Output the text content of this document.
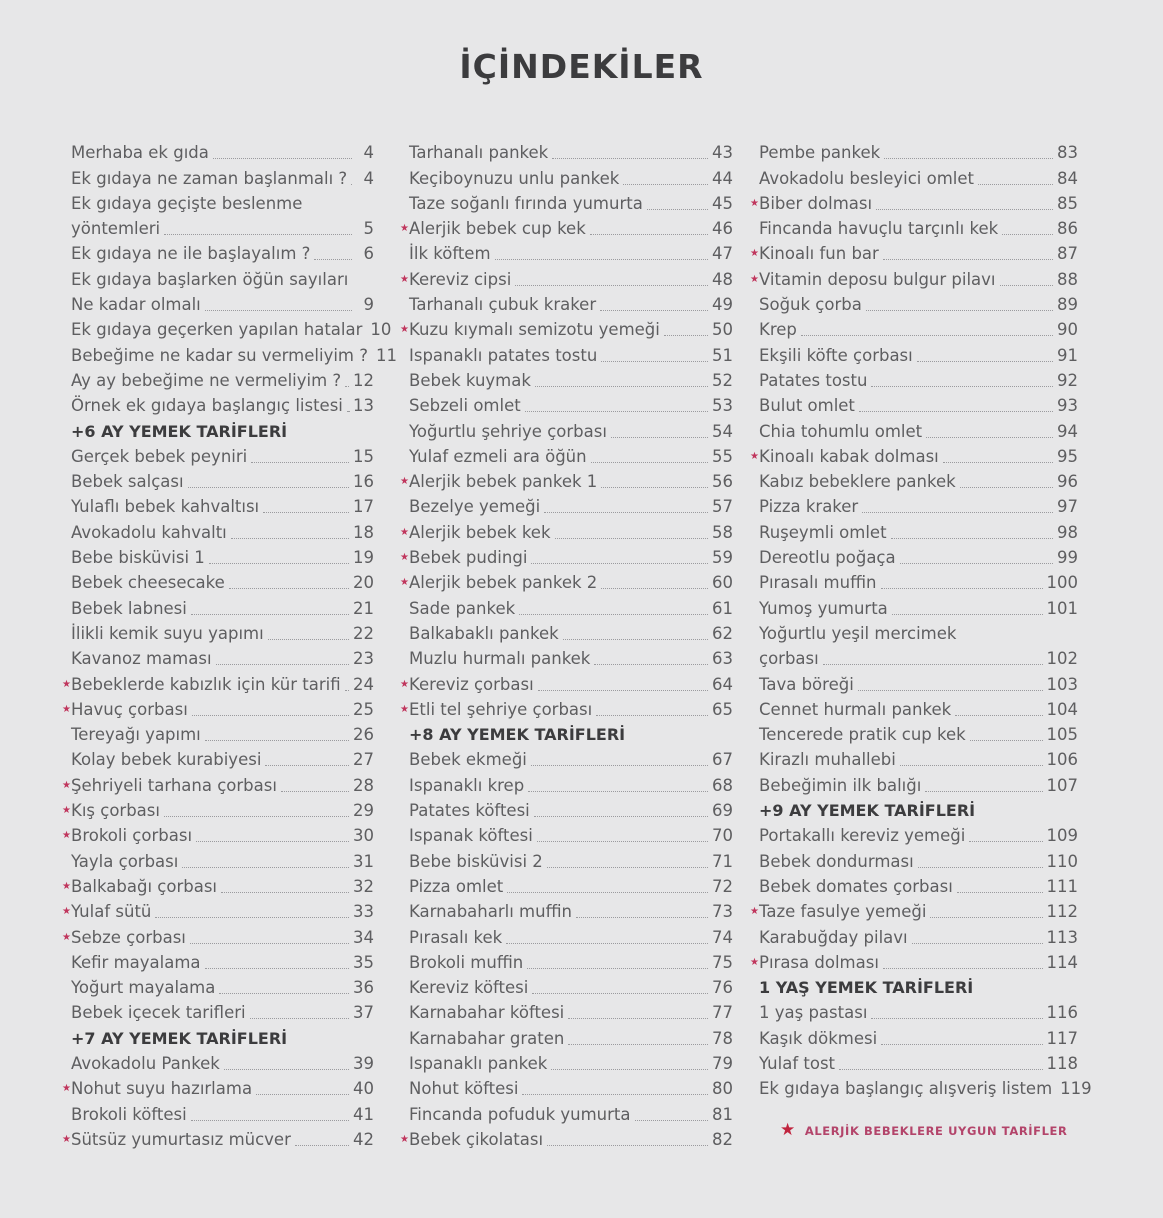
İÇİNDEKİLER
Merhaba ek gıda	4
Ek gıdaya ne zaman başlanmalı ? 4
Ek gıdaya geçişte beslenme
yöntemleri	5
Ek gıdaya ne ile başlayalım ?	6
Ek gıdaya başlarken öğün sayıları
Ne kadar olmalı	9
Ek gıdaya geçerken yapılan hatalar 10
Bebeğime ne kadar su vermeliyim ? 11
Ay ay bebeğime ne vermeliyim ? 12
Örnek ek gıdaya başlangıç listesi 13
+6 AY YEMEK TARİFLERİ
Gerçek bebek peyniri	15
Bebek salçası	16
Yulaflı bebek kahvaltısı	17
Avokadolu kahvaltı	18
Bebe bisküvisi 1	19
Bebek cheesecake	20
Bebek labnesi	21
İlikli kemik suyu yapımı	22
Kavanoz maması	23
★ Bebeklerde kabızlık için kür tarifi 24
★ Havuç çorbası	25
Tereyağı yapımı	26
Kolay bebek kurabiyesi	27
★ Şehriyeli tarhana çorbası	28
★ Kış çorbası	29
★ Brokoli çorbası	30
Yayla çorbası	31
★ Balkabağı çorbası	32
★ Yulaf sütü	33
★ Sebze çorbası	34
Kefir mayalama	35
Yoğurt mayalama	36
Bebek içecek tarifleri	37
+7 AY YEMEK TARİFLERİ
Avokadolu Pankek	39
★ Nohut suyu hazırlama	40
Brokoli köftesi	41
★ Sütsüz yumurtasız mücver	42
Tarhanalı pankek	43
Keçiboynuzu unlu pankek	44
Taze soğanlı fırında yumurta	45
★ Alerjik bebek cup kek	46
İlk köftem	47
★ Kereviz cipsi	48
Tarhanalı çubuk kraker	49
★ Kuzu kıymalı semizotu yemeği	50
Ispanaklı patates tostu	51
Bebek kuymak	52
Sebzeli omlet	53
Yoğurtlu şehriye çorbası	54
Yulaf ezmeli ara öğün	55
★ Alerjik bebek pankek 1	56
Bezelye yemeği	57
★ Alerjik bebek kek	58
★ Bebek pudingi	59
★ Alerjik bebek pankek 2	60
Sade pankek	61
Balkabaklı pankek	62
Muzlu hurmalı pankek	63
★ Kereviz çorbası	64
★ Etli tel şehriye çorbası	65
+8 AY YEMEK TARİFLERİ
Bebek ekmeği	67
Ispanaklı krep	68
Patates köftesi	69
Ispanak köftesi	70
Bebe bisküvisi 2	71
Pizza omlet	72
Karnabaharlı muffin	73
Pırasalı kek	74
Brokoli muffin	75
Kereviz köftesi	76
Karnabahar köftesi	77
Karnabahar graten	78
Ispanaklı pankek	79
Nohut köftesi	80
Fincanda pofuduk yumurta	81
★ Bebek çikolatası	82
Pembe pankek	83
Avokadolu besleyici omlet	84
★ Biber dolması	85
Fincanda havuçlu tarçınlı kek	86
★ Kinoalı fun bar	87
★ Vitamin deposu bulgur pilavı	88
Soğuk çorba	89
Krep	90
Ekşili köfte çorbası	91
Patates tostu	92
Bulut omlet	93
Chia tohumlu omlet	94
★ Kinoalı kabak dolması	95
Kabız bebeklere pankek	96
Pizza kraker	97
Ruşeymli omlet	98
Dereotlu poğaça	99
Pırasalı muffin	100
Yumoş yumurta	101
Yoğurtlu yeşil mercimek
çorbası	102
Tava böreği	103
Cennet hurmalı pankek	104
Tencerede pratik cup kek	105
Kirazlı muhallebi	106
Bebeğimin ilk balığı	107
+9 AY YEMEK TARİFLERİ
Portakallı kereviz yemeği	109
Bebek dondurması	110
Bebek domates çorbası	111
★ Taze fasulye yemeği	112
Karabuğday pilavı	113
★ Pırasa dolması	114
1 YAŞ YEMEK TARİFLERİ
1 yaş pastası	116
Kaşık dökmesi	117
Yulaf tost	118
Ek gıdaya başlangıç alışveriş listem 119
★ ALERJİK BEBEKLERE UYGUN TARİFLER
